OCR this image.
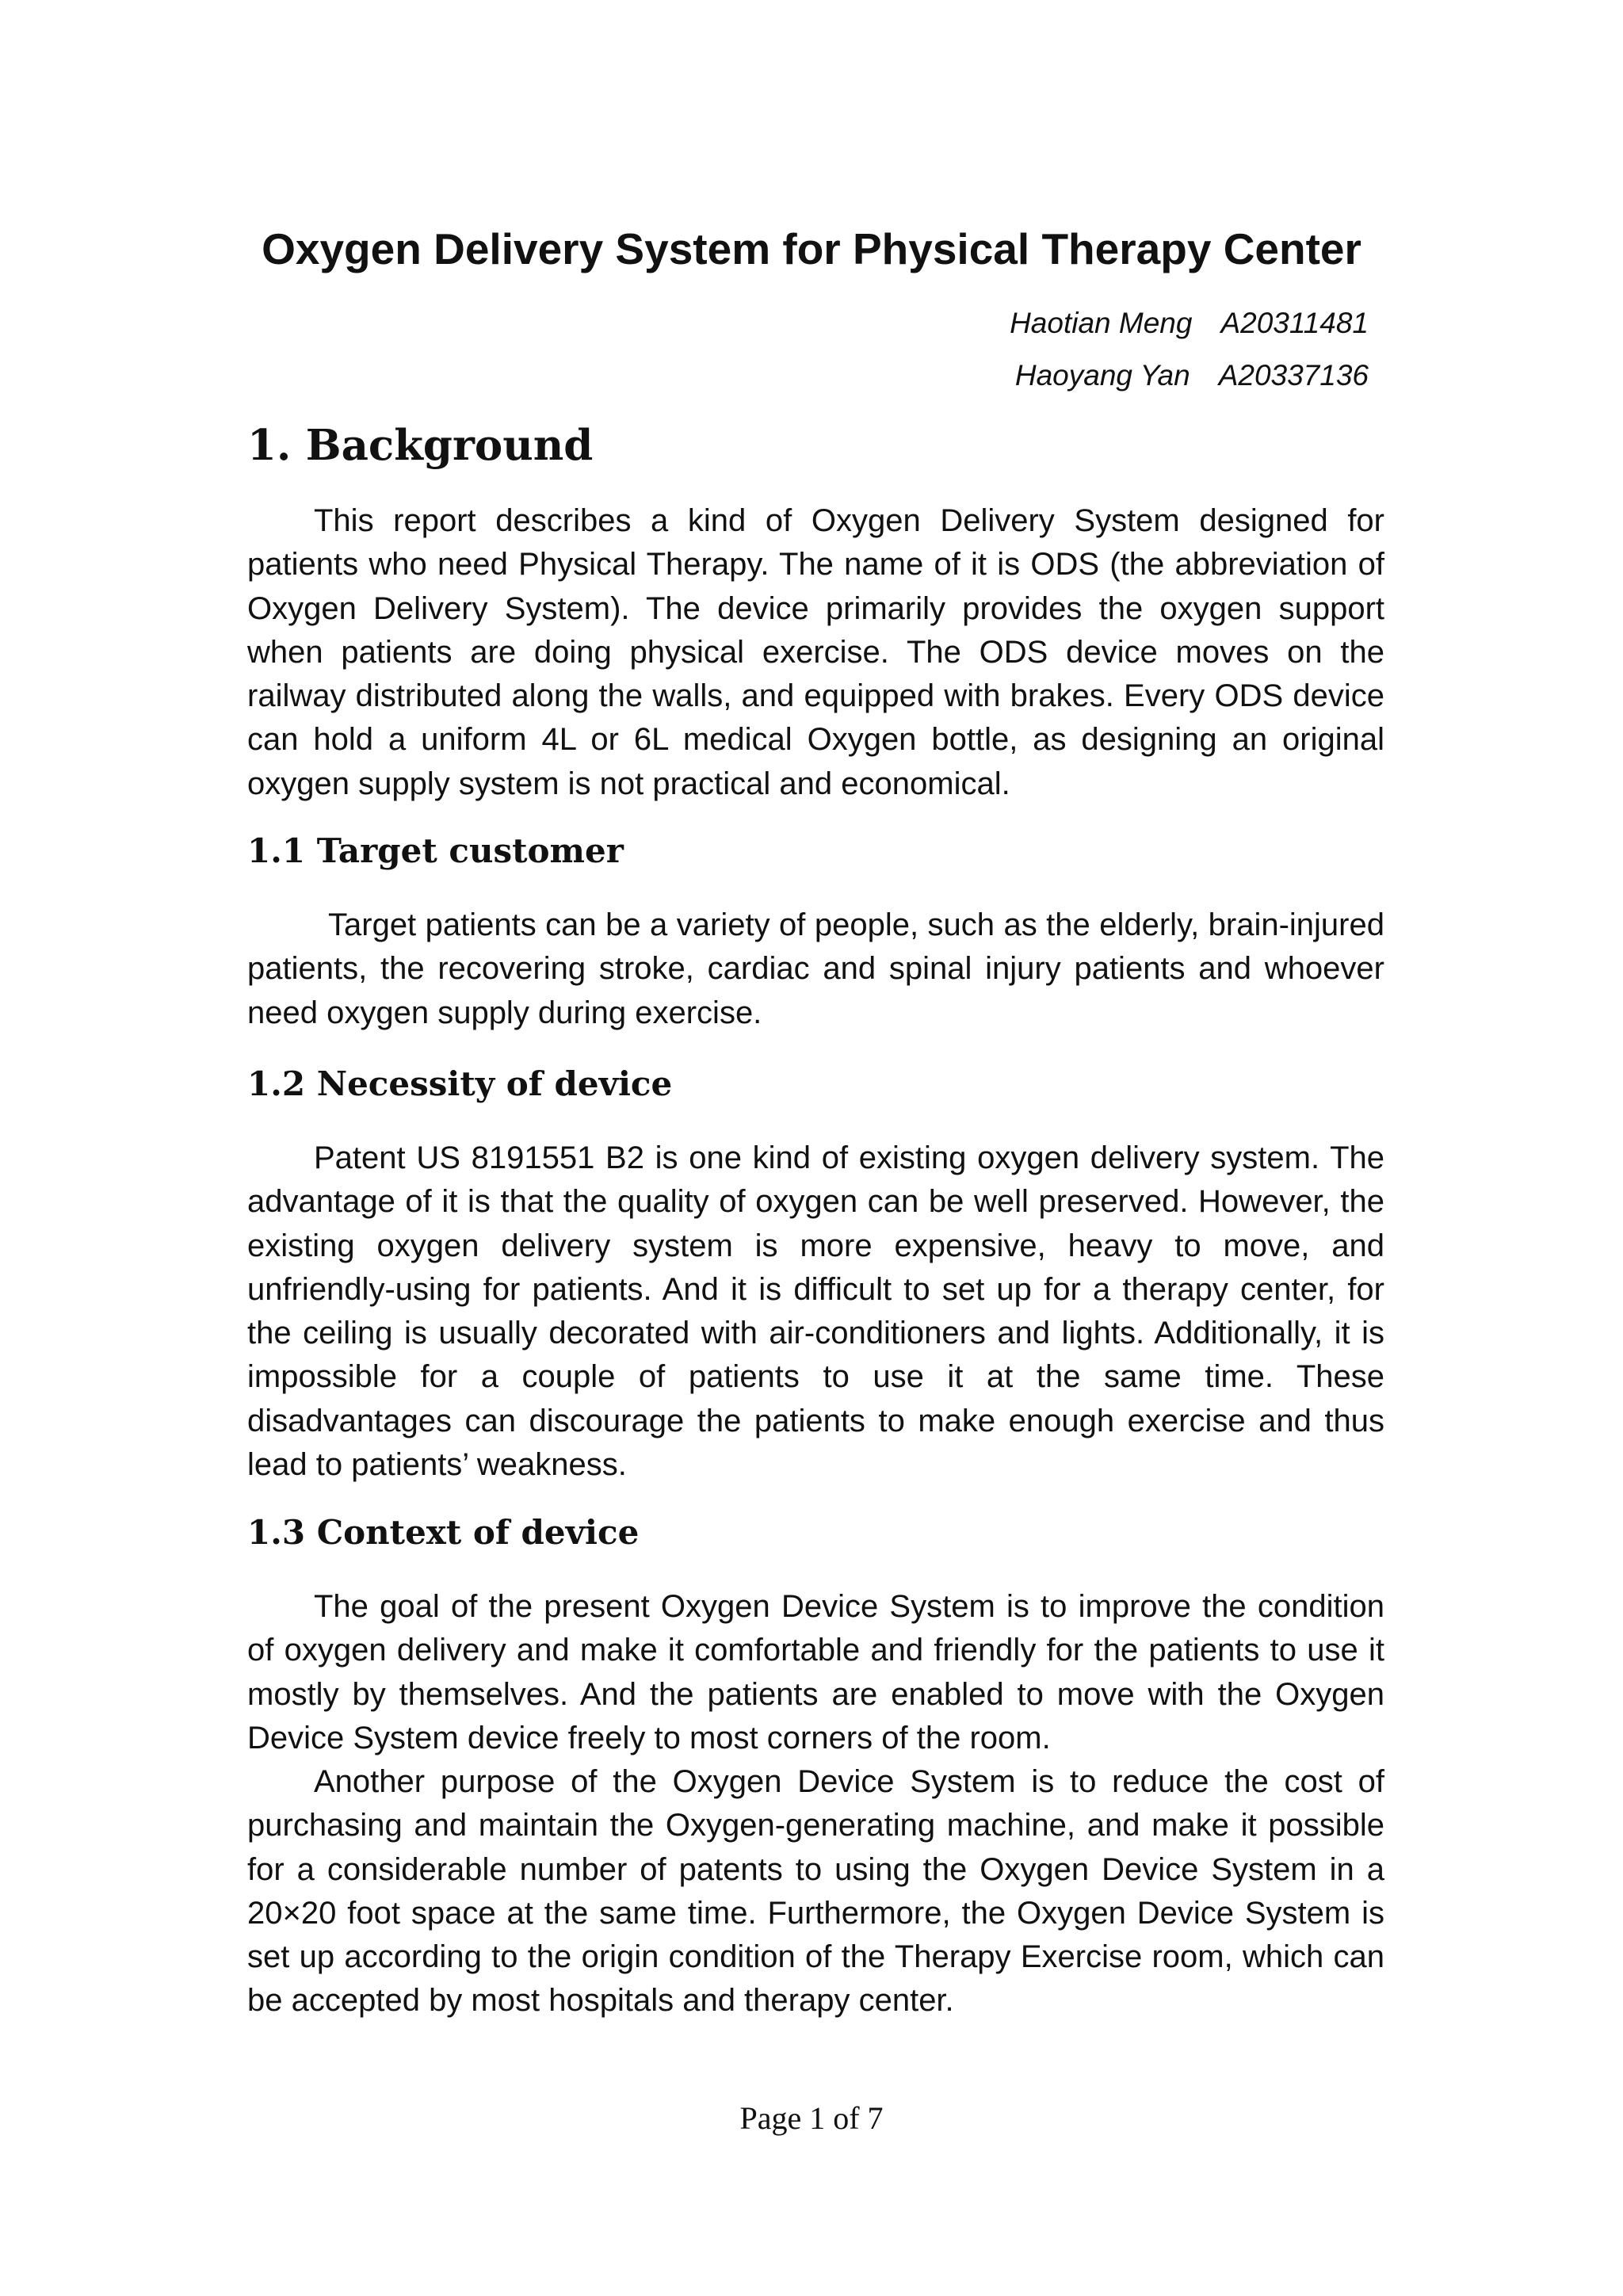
Oxygen Delivery System for Physical Therapy Center
Haotian Meng A20311481
Haoyang Yan A20337136
1. Background

This report describes a kind of Oxygen Delivery System designed for patients who need Physical Therapy. The name of it is ODS (the abbreviation of Oxygen Delivery System). The device primarily provides the oxygen support when patients are doing physical exercise. The ODS device moves on the railway distributed along the walls, and equipped with brakes. Every ODS device can hold a uniform 4L or 6L medical Oxygen bottle, as designing an original oxygen supply system is not practical and economical.

1.1 Target customer

Target patients can be a variety of people, such as the elderly, brain-injured patients, the recovering stroke, cardiac and spinal injury patients and whoever need oxygen supply during exercise.

1.2 Necessity of device

Patent US 8191551 B2 is one kind of existing oxygen delivery system. The advantage of it is that the quality of oxygen can be well preserved. However, the existing oxygen delivery system is more expensive, heavy to move, and unfriendly-using for patients. And it is difficult to set up for a therapy center, for the ceiling is usually decorated with air-conditioners and lights. Additionally, it is impossible for a couple of patients to use it at the same time. These disadvantages can discourage the patients to make enough exercise and thus lead to patients’ weakness.

1.3 Context of device

The goal of the present Oxygen Device System is to improve the condition of oxygen delivery and make it comfortable and friendly for the patients to use it mostly by themselves. And the patients are enabled to move with the Oxygen Device System device freely to most corners of the room.

Another purpose of the Oxygen Device System is to reduce the cost of purchasing and maintain the Oxygen-generating machine, and make it possible for a considerable number of patents to using the Oxygen Device System in a 20×20 foot space at the same time. Furthermore, the Oxygen Device System is set up according to the origin condition of the Therapy Exercise room, which can be accepted by most hospitals and therapy center.

Page 1 of 7
